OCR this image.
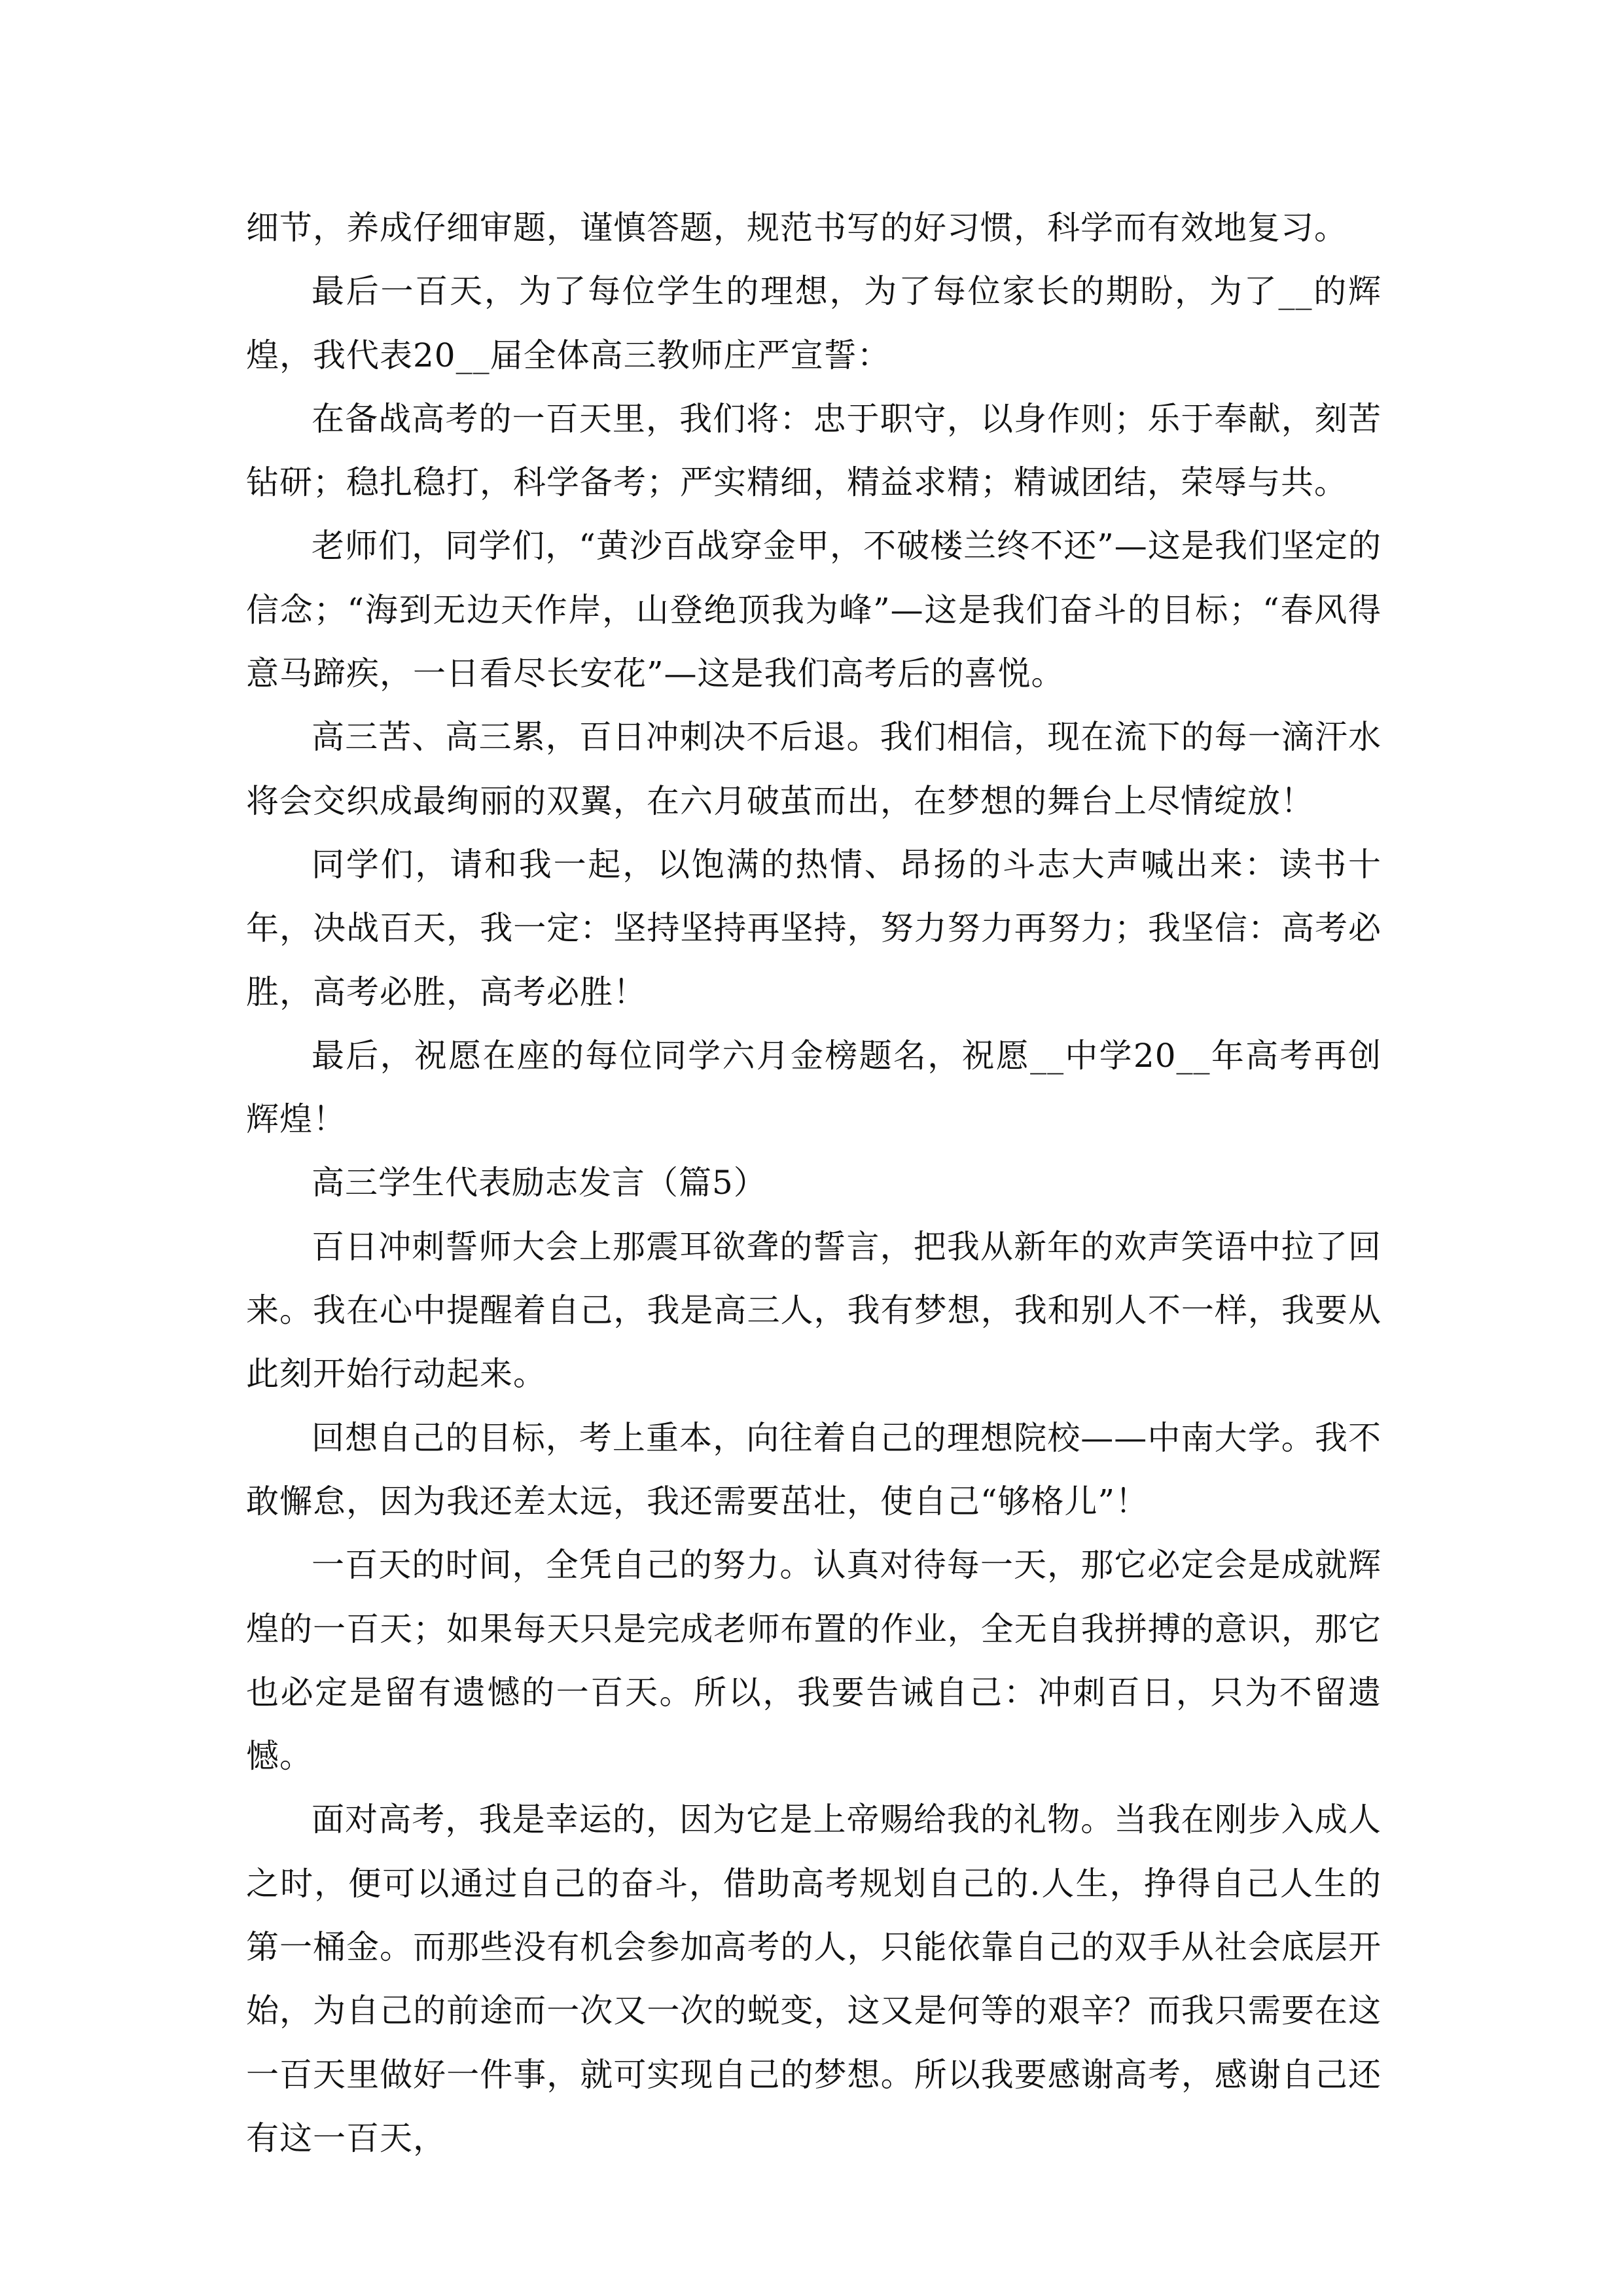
细节，养成仔细审题，谨慎答题，规范书写的好习惯，科学而有效地复习。

最后一百天，为了每位学生的理想，为了每位家长的期盼，为了__的辉煌，我代表20__届全体高三教师庄严宣誓：

在备战高考的一百天里，我们将：忠于职守，以身作则；乐于奉献，刻苦钻研；稳扎稳打，科学备考；严实精细，精益求精；精诚团结，荣辱与共。

老师们，同学们，“黄沙百战穿金甲，不破楼兰终不还”—这是我们坚定的信念；“海到无边天作岸，山登绝顶我为峰”—这是我们奋斗的目标；“春风得意马蹄疾，一日看尽长安花”—这是我们高考后的喜悦。

高三苦、高三累，百日冲刺决不后退。我们相信，现在流下的每一滴汗水将会交织成最绚丽的双翼，在六月破茧而出，在梦想的舞台上尽情绽放！

同学们，请和我一起，以饱满的热情、昂扬的斗志大声喊出来：读书十年，决战百天，我一定：坚持坚持再坚持，努力努力再努力；我坚信：高考必胜，高考必胜，高考必胜！

最后，祝愿在座的每位同学六月金榜题名，祝愿__中学20__年高考再创辉煌！

高三学生代表励志发言（篇5）

百日冲刺誓师大会上那震耳欲聋的誓言，把我从新年的欢声笑语中拉了回来。我在心中提醒着自己，我是高三人，我有梦想，我和别人不一样，我要从此刻开始行动起来。

回想自己的目标，考上重本，向往着自己的理想院校——中南大学。我不敢懈怠，因为我还差太远，我还需要茁壮，使自己“够格儿”！

一百天的时间，全凭自己的努力。认真对待每一天，那它必定会是成就辉煌的一百天；如果每天只是完成老师布置的作业，全无自我拼搏的意识，那它也必定是留有遗憾的一百天。所以，我要告诫自己：冲刺百日，只为不留遗憾。

面对高考，我是幸运的，因为它是上帝赐给我的礼物。当我在刚步入成人之时，便可以通过自己的奋斗，借助高考规划自己的.人生，挣得自己人生的第一桶金。而那些没有机会参加高考的人，只能依靠自己的双手从社会底层开始，为自己的前途而一次又一次的蜕变，这又是何等的艰辛？而我只需要在这一百天里做好一件事，就可实现自己的梦想。所以我要感谢高考，感谢自己还有这一百天，
